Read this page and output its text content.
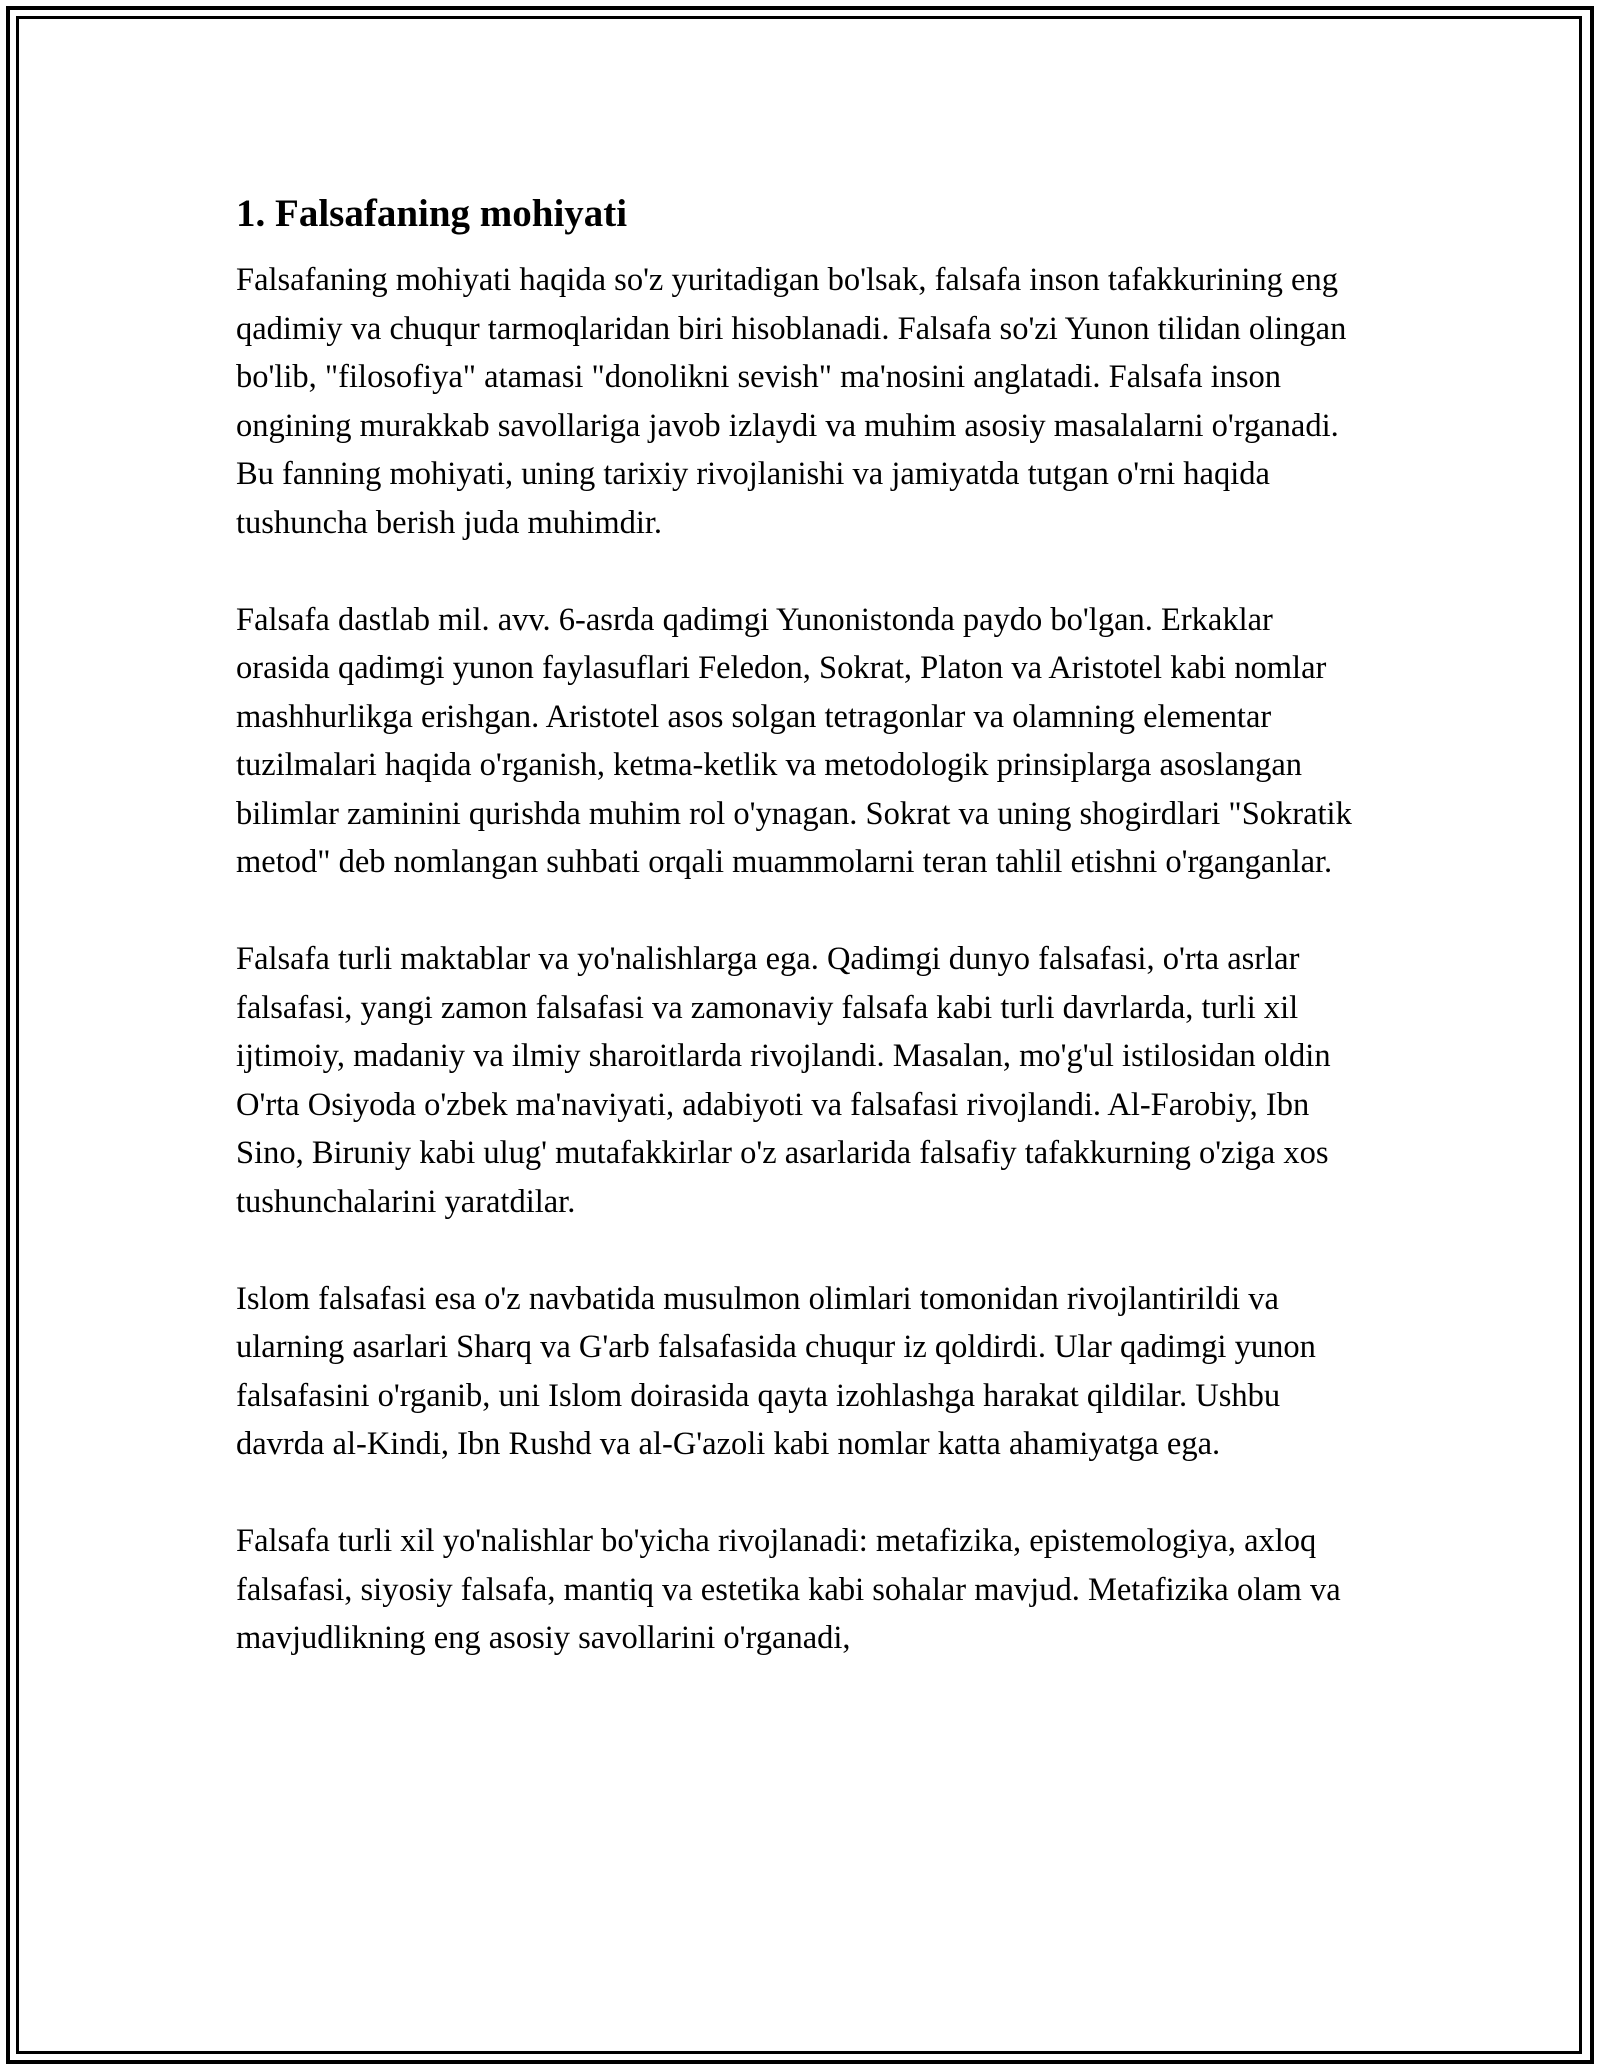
1. Falsafaning mohiyati

Falsafaning mohiyati haqida so'z yuritadigan bo'lsak, falsafa inson tafakkurining eng qadimiy va chuqur tarmoqlaridan biri hisoblanadi. Falsafa so'zi Yunon tilidan olingan bo'lib, "filosofiya" atamasi "donolikni sevish" ma'nosini anglatadi. Falsafa inson ongining murakkab savollariga javob izlaydi va muhim asosiy masalalarni o'rganadi. Bu fanning mohiyati, uning tarixiy rivojlanishi va jamiyatda tutgan o'rni haqida tushuncha berish juda muhimdir.

Falsafa dastlab mil. avv. 6-asrda qadimgi Yunonistonda paydo bo'lgan. Erkaklar orasida qadimgi yunon faylasuflari Feledon, Sokrat, Platon va Aristotel kabi nomlar mashhurlikga erishgan. Aristotel asos solgan tetragonlar va olamning elementar tuzilmalari haqida o'rganish, ketma-ketlik va metodologik prinsiplarga asoslangan bilimlar zaminini qurishda muhim rol o'ynagan. Sokrat va uning shogirdlari "Sokratik metod" deb nomlangan suhbati orqali muammolarni teran tahlil etishni o'rganganlar.

Falsafa turli maktablar va yo'nalishlarga ega. Qadimgi dunyo falsafasi, o'rta asrlar falsafasi, yangi zamon falsafasi va zamonaviy falsafa kabi turli davrlarda, turli xil ijtimoiy, madaniy va ilmiy sharoitlarda rivojlandi. Masalan, mo'g'ul istilosidan oldin O'rta Osiyoda o'zbek ma'naviyati, adabiyoti va falsafasi rivojlandi. Al-Farobiy, Ibn Sino, Biruniy kabi ulug' mutafakkirlar o'z asarlarida falsafiy tafakkurning o'ziga xos tushunchalarini yaratdilar.

Islom falsafasi esa o'z navbatida musulmon olimlari tomonidan rivojlantirildi va ularning asarlari Sharq va G'arb falsafasida chuqur iz qoldirdi. Ular qadimgi yunon falsafasini o'rganib, uni Islom doirasida qayta izohlashga harakat qildilar. Ushbu davrda al-Kindi, Ibn Rushd va al-G'azoli kabi nomlar katta ahamiyatga ega.

Falsafa turli xil yo'nalishlar bo'yicha rivojlanadi: metafizika, epistemologiya, axloq falsafasi, siyosiy falsafa, mantiq va estetika kabi sohalar mavjud. Metafizika olam va mavjudlikning eng asosiy savollarini o'rganadi,
